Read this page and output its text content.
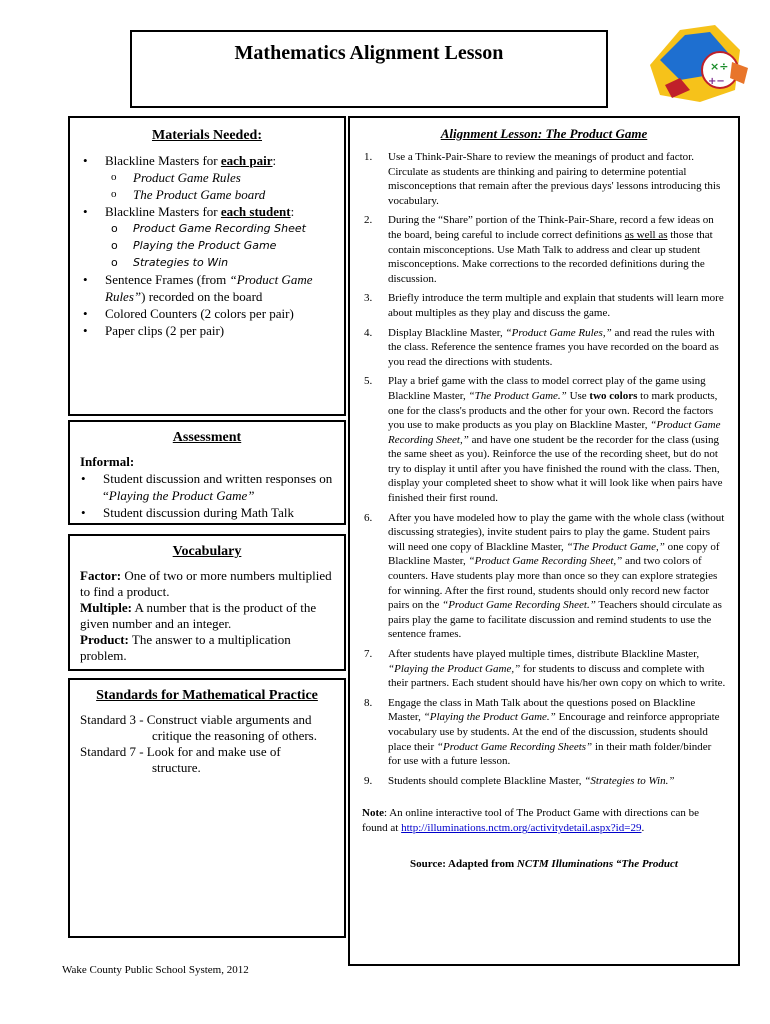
Mathematics Alignment Lesson
×÷
+−
Materials Needed:
• Blackline Masters for each pair:
o Product Game Rules
o The Product Game board
• Blackline Masters for each student:
o Product Game Recording Sheet
o Playing the Product Game
o Strategies to Win
• Sentence Frames (from “Product Game Rules”) recorded on the board
• Colored Counters (2 colors per pair)
• Paper clips (2 per pair)
Assessment
Informal:
• Student discussion and written responses on “Playing the Product Game”
• Student discussion during Math Talk
Vocabulary

Factor: One of two or more numbers multiplied to find a product.

Multiple: A number that is the product of the given number and an integer.

Product: The answer to a multiplication problem.

Standards for Mathematical Practice

Standard 3 - Construct viable arguments and
critique the reasoning of others.

Standard 7 - Look for and make use of
structure.

Alignment Lesson: The Product Game
1. Use a Think-Pair-Share to review the meanings of product and factor. Circulate as students are thinking and pairing to determine potential misconceptions that remain after the previous days' lessons introducing this vocabulary.
2. During the “Share” portion of the Think-Pair-Share, record a few ideas on the board, being careful to include correct definitions as well as those that contain misconceptions. Use Math Talk to address and clear up student misconceptions. Make corrections to the recorded definitions during the discussion.
3. Briefly introduce the term multiple and explain that students will learn more about multiples as they play and discuss the game.
4. Display Blackline Master, “Product Game Rules,” and read the rules with the class. Reference the sentence frames you have recorded on the board as you read the directions with students.
5. Play a brief game with the class to model correct play of the game using Blackline Master, “The Product Game.” Use two colors to mark products, one for the class's products and the other for your own. Record the factors you use to make products as you play on Blackline Master, “Product Game Recording Sheet,” and have one student be the recorder for the class (using the same sheet as you). Reinforce the use of the recording sheet, but do not try to display it until after you have finished the round with the class. Then, display your completed sheet to show what it will look like when pairs have finished their first round.
6. After you have modeled how to play the game with the whole class (without discussing strategies), invite student pairs to play the game. Student pairs will need one copy of Blackline Master, “The Product Game,” one copy of Blackline Master, “Product Game Recording Sheet,” and two colors of counters. Have students play more than once so they can explore strategies for winning. After the first round, students should only record new factor pairs on the “Product Game Recording Sheet.” Teachers should circulate as pairs play the game to facilitate discussion and remind students to use the sentence frames.
7. After students have played multiple times, distribute Blackline Master, “Playing the Product Game,” for students to discuss and complete with their partners. Each student should have his/her own copy on which to write.
8. Engage the class in Math Talk about the questions posed on Blackline Master, “Playing the Product Game.” Encourage and reinforce appropriate vocabulary use by students. At the end of the discussion, students should place their “Product Game Recording Sheets” in their math folder/binder for use with a future lesson.
9. Students should complete Blackline Master, “Strategies to Win.”

Note: An online interactive tool of The Product Game with directions can be found at http://illuminations.nctm.org/activitydetail.aspx?id=29.

Source: Adapted from NCTM Illuminations “The Product
Wake County Public School System, 2012
